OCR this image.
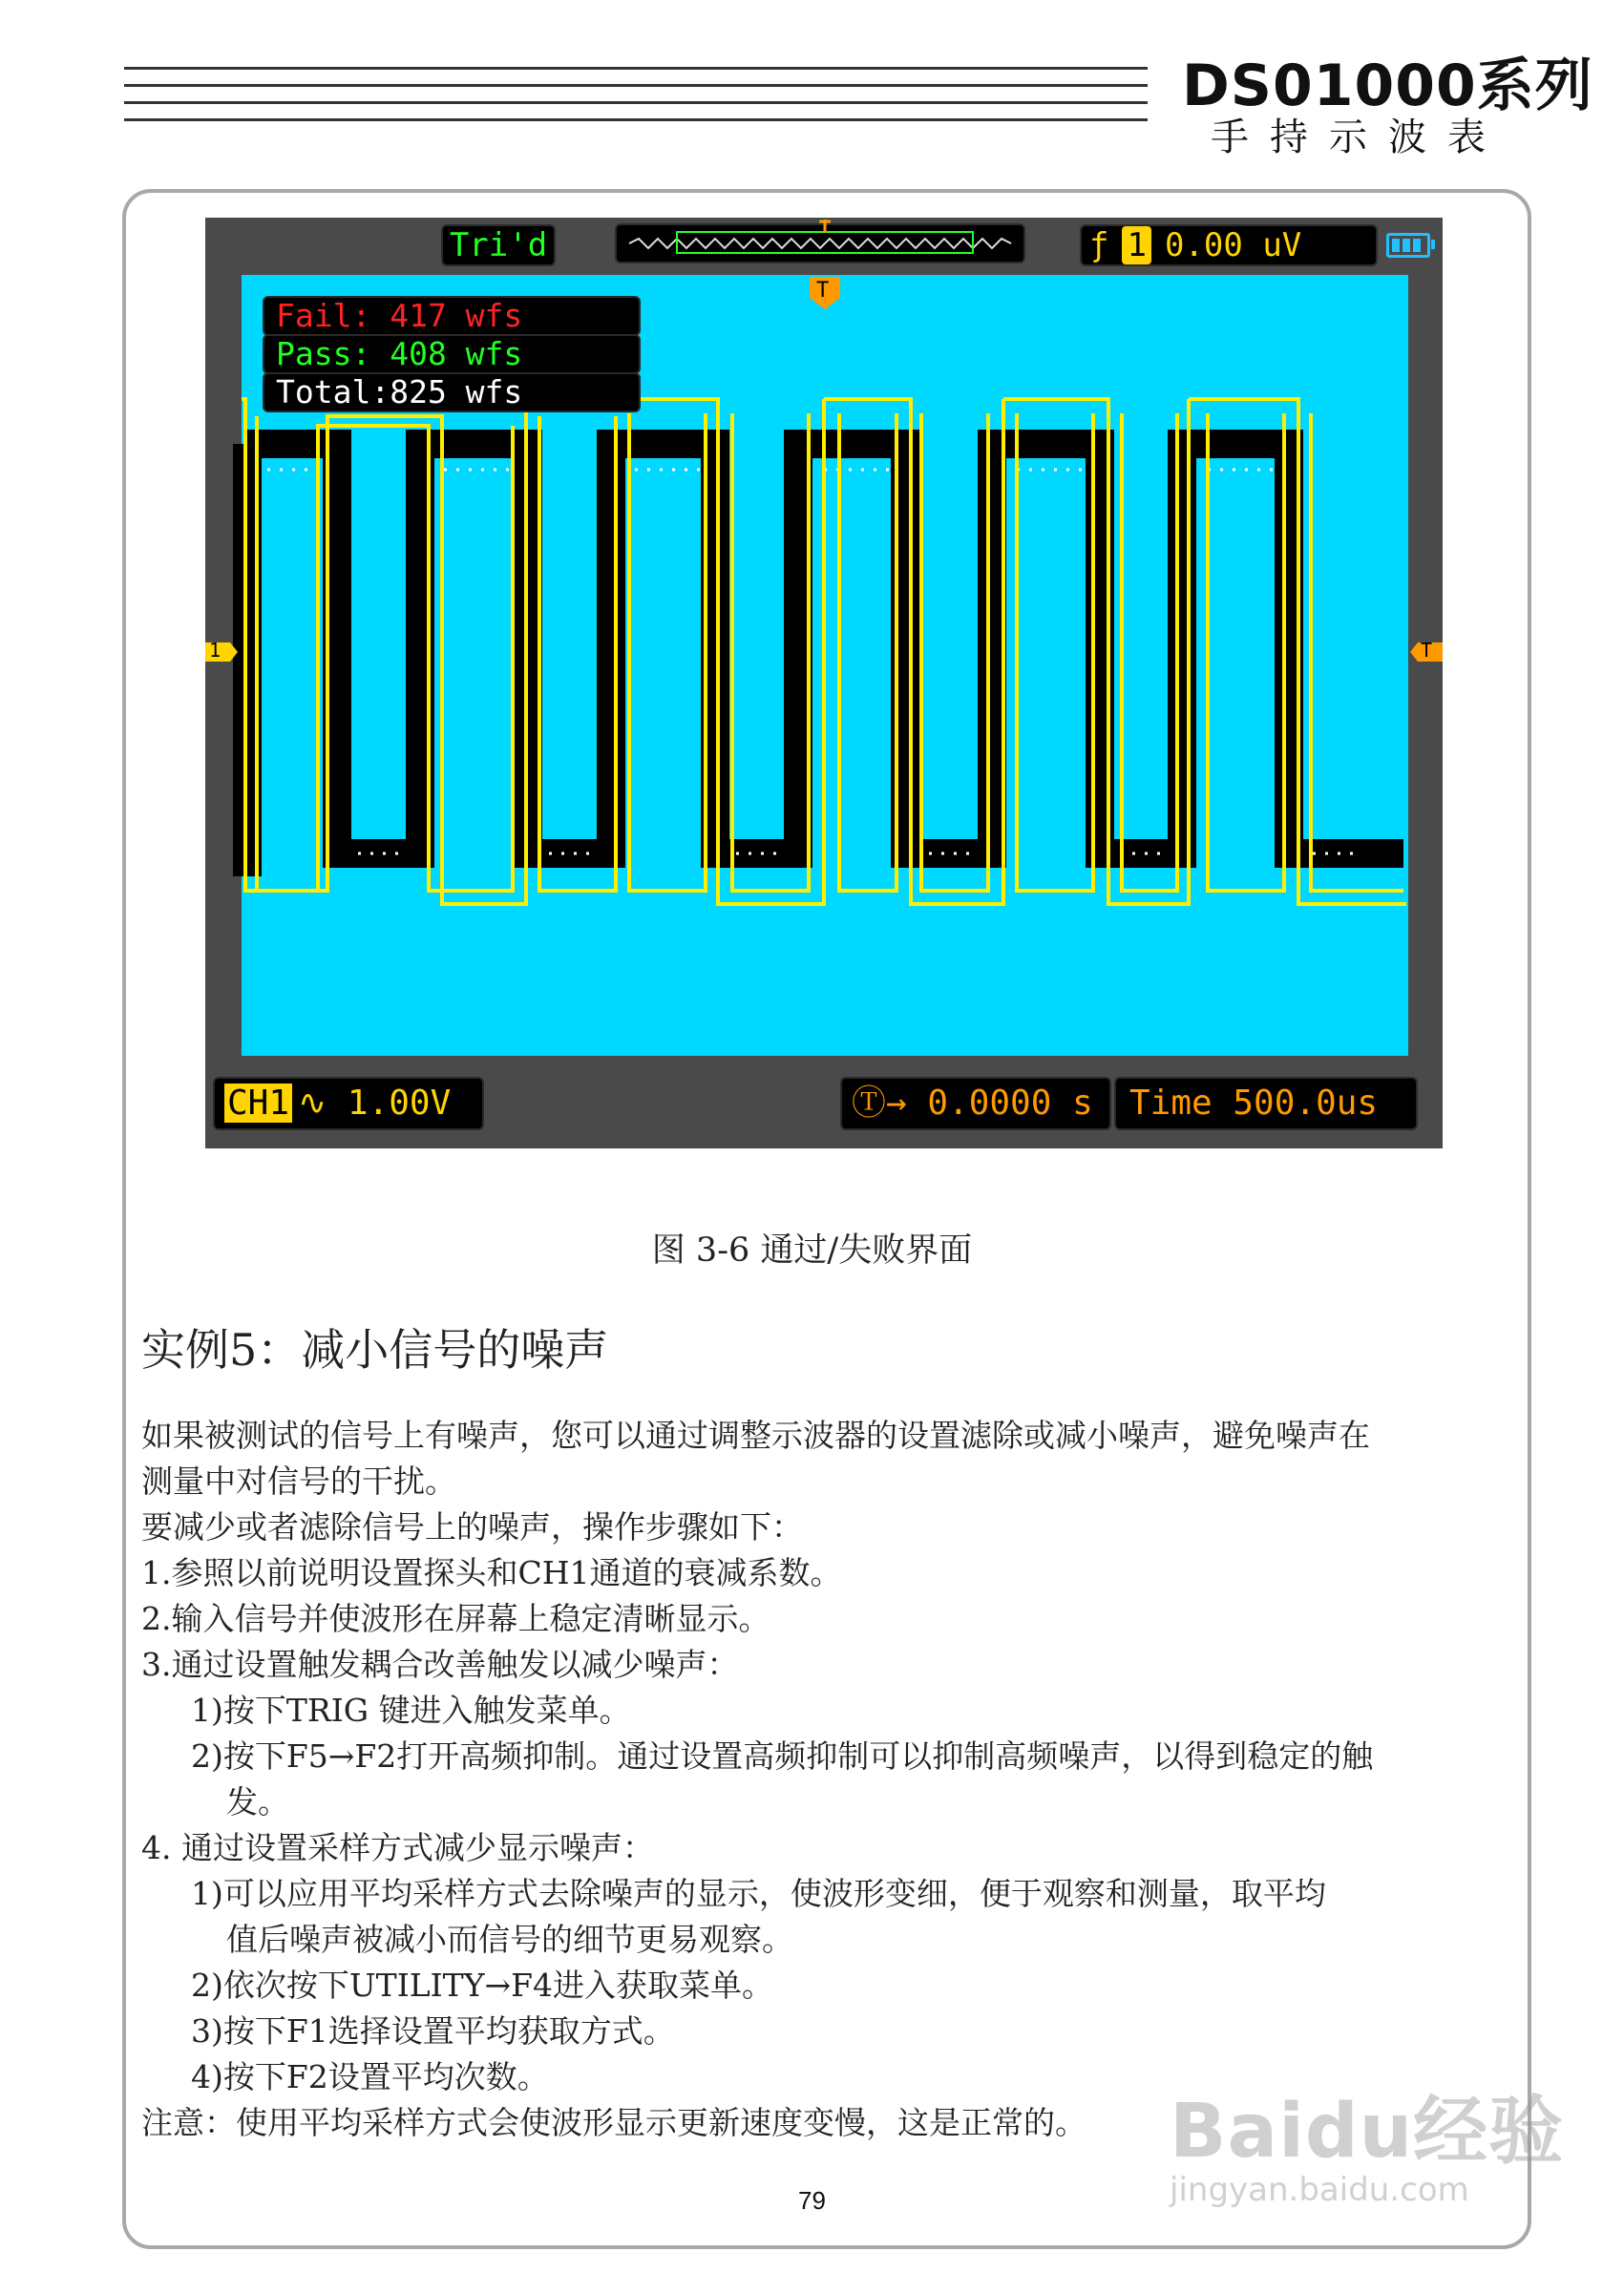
DS01000系列
手持示波表
1	T
T
Tri'd	ƒ 1 0.00 uV
Fail: 417 wfs
Pass: 408 wfs
Total:825 wfs
CH1 ∿ 1.00V	Ⓣ→ 0.0000 s	Time 500.0us
图 3-6 通过/失败界面
实例5：减小信号的噪声
如果被测试的信号上有噪声，您可以通过调整示波器的设置滤除或减小噪声，避免噪声在
测量中对信号的干扰。
要减少或者滤除信号上的噪声，操作步骤如下：
1.参照以前说明设置探头和CH1通道的衰减系数。
2.输入信号并使波形在屏幕上稳定清晰显示。
3.通过设置触发耦合改善触发以减少噪声：
1)按下TRIG 键进入触发菜单。
2)按下F5→F2打开高频抑制。通过设置高频抑制可以抑制高频噪声，以得到稳定的触
发。
4. 通过设置采样方式减少显示噪声：
1)可以应用平均采样方式去除噪声的显示，使波形变细，便于观察和测量，取平均
值后噪声被减小而信号的细节更易观察。
2)依次按下UTILITY→F4进入获取菜单。
3)按下F1选择设置平均获取方式。
4)按下F2设置平均次数。
注意：使用平均采样方式会使波形显示更新速度变慢，这是正常的。
79
Baidu经验
jingyan.baidu.com
